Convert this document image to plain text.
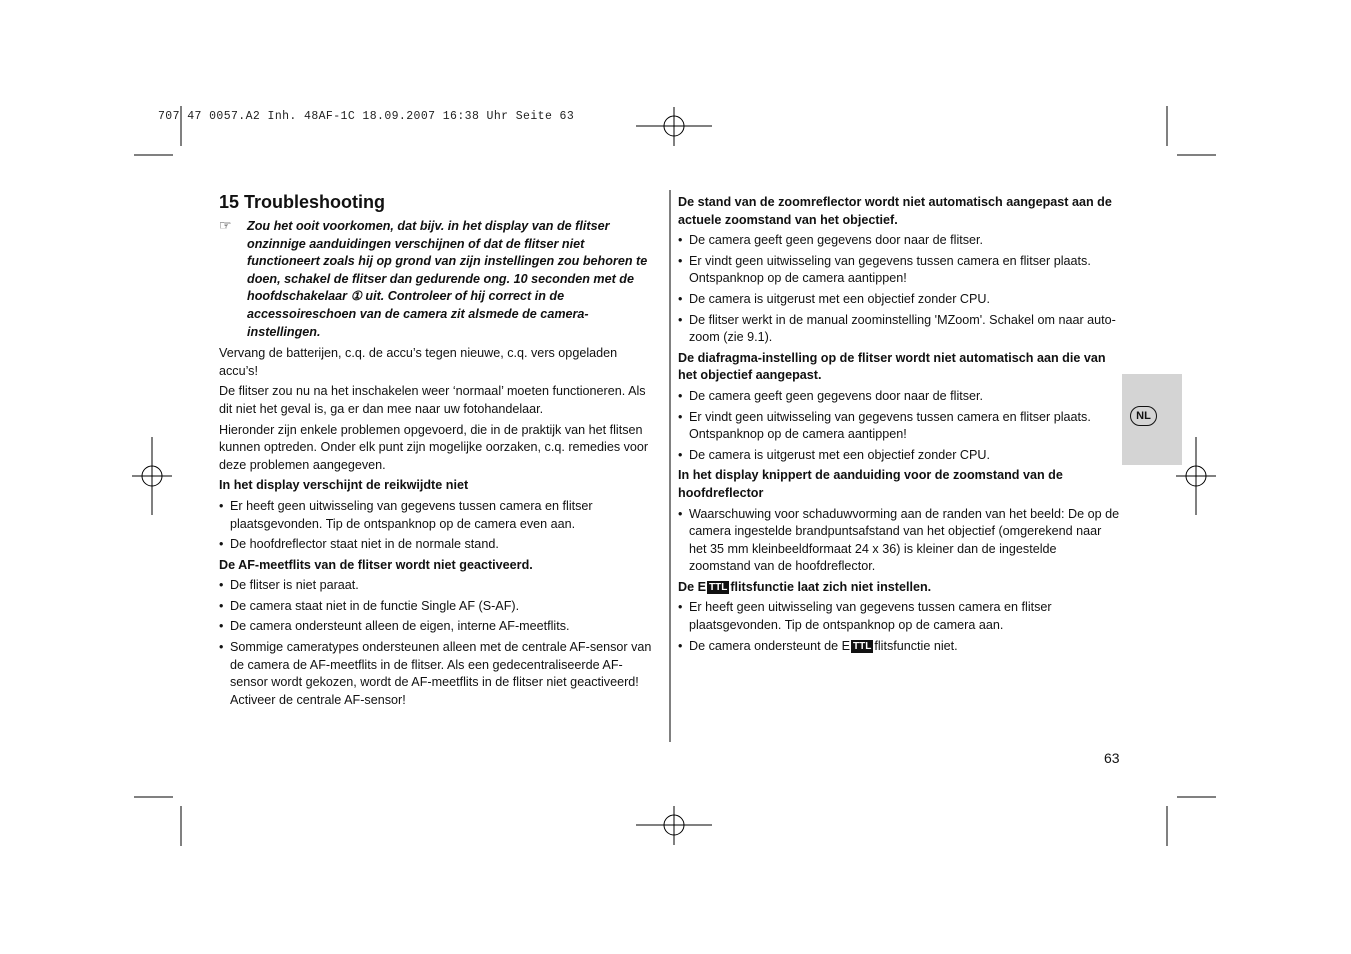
707 47 0057.A2 Inh. 48AF-1C 18.09.2007 16:38 Uhr Seite 63
15 Troubleshooting
☞ Zou het ooit voorkomen, dat bijv. in het display van de flitser onzinnige aanduidingen verschijnen of dat de flitser niet functioneert zoals hij op grond van zijn instellingen zou behoren te doen, schakel de flitser dan gedurende ong. 10 seconden met de hoofdschakelaar ① uit. Controleer of hij correct in de accessoireschoen van de camera zit alsmede de camera-instellingen.

Vervang de batterijen, c.q. de accu’s tegen nieuwe, c.q. vers opgeladen accu’s!

De flitser zou nu na het inschakelen weer ‘normaal’ moeten functioneren. Als dit niet het geval is, ga er dan mee naar uw fotohandelaar.

Hieronder zijn enkele problemen opgevoerd, die in de praktijk van het flitsen kunnen optreden. Onder elk punt zijn mogelijke oorzaken, c.q. remedies voor deze problemen aangegeven.

In het display verschijnt de reikwijdte niet

• Er heeft geen uitwisseling van gegevens tussen camera en flitser plaatsgevonden. Tip de ontspanknop op de camera even aan.

• De hoofdreflector staat niet in de normale stand.

De AF-meetflits van de flitser wordt niet geactiveerd.

• De flitser is niet paraat.

• De camera staat niet in de functie Single AF (S-AF).

• De camera ondersteunt alleen de eigen, interne AF-meetflits.

• Sommige cameratypes ondersteunen alleen met de centrale AF-sensor van de camera de AF-meetflits in de flitser. Als een gedecentraliseerde AF-sensor wordt gekozen, wordt de AF-meetflits in de flitser niet geactiveerd! Activeer de centrale AF-sensor!

De stand van de zoomreflector wordt niet automatisch aangepast aan de actuele zoomstand van het objectief.

• De camera geeft geen gegevens door naar de flitser.

• Er vindt geen uitwisseling van gegevens tussen camera en flitser plaats. Ontspanknop op de camera aantippen!

• De camera is uitgerust met een objectief zonder CPU.

• De flitser werkt in de manual zoominstelling 'MZoom'. Schakel om naar auto-zoom (zie 9.1).

De diafragma-instelling op de flitser wordt niet automatisch aan die van het objectief aangepast.

• De camera geeft geen gegevens door naar de flitser.

• Er vindt geen uitwisseling van gegevens tussen camera en flitser plaats. Ontspanknop op de camera aantippen!

• De camera is uitgerust met een objectief zonder CPU.

In het display knippert de aanduiding voor de zoomstand van de hoofdreflector

• Waarschuwing voor schaduwvorming aan de randen van het beeld: De op de camera ingestelde brandpuntsafstand van het objectief (omgerekend naar het 35 mm kleinbeeldformaat 24 x 36) is kleiner dan de ingestelde zoomstand van de hoofdreflector.

De E TTL flitsfunctie laat zich niet instellen.

• Er heeft geen uitwisseling van gegevens tussen camera en flitser plaatsgevonden. Tip de ontspanknop op de camera aan.

• De camera ondersteunt de E TTL flitsfunctie niet.

NL
63
